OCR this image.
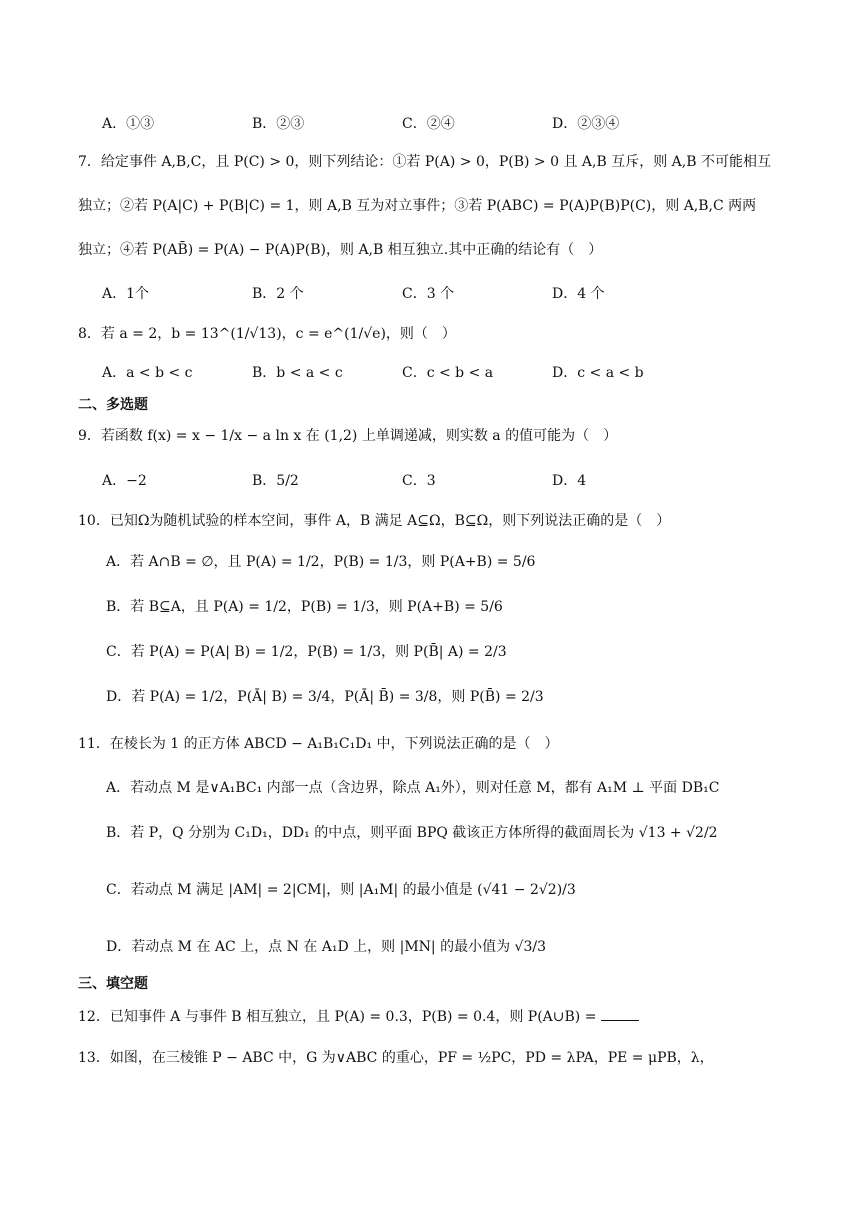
A．①③	B．②③	C．②④	D．②③④
7．给定事件 A,B,C，且 P(C) > 0，则下列结论：①若 P(A) > 0，P(B) > 0 且 A,B 互斥，则 A,B 不可能相互
独立；②若 P(A|C) + P(B|C) = 1，则 A,B 互为对立事件；③若 P(ABC) = P(A)P(B)P(C)，则 A,B,C 两两
独立；④若 P(AB̄) = P(A) − P(A)P(B)，则 A,B 相互独立.其中正确的结论有（　）
A．1个	B．2 个	C．3 个	D．4 个
8．若 a = 2，b = 13^(1/√13)，c = e^(1/√e)，则（　）
A．a < b < c	B．b < a < c	C．c < b < a	D．c < a < b
二、多选题
9．若函数 f(x) = x − 1/x − a ln x 在 (1,2) 上单调递减，则实数 a 的值可能为（　）
A．−2	B．5/2	C．3	D．4
10．已知Ω为随机试验的样本空间，事件 A，B 满足 A⊆Ω，B⊆Ω，则下列说法正确的是（　）
A．若 A∩B = ∅，且 P(A) = 1/2，P(B) = 1/3，则 P(A+B) = 5/6
B．若 B⊆A，且 P(A) = 1/2，P(B) = 1/3，则 P(A+B) = 5/6
C．若 P(A) = P(A| B) = 1/2，P(B) = 1/3，则 P(B̄| A) = 2/3
D．若 P(A) = 1/2，P(Ā| B) = 3/4，P(Ā| B̄) = 3/8，则 P(B̄) = 2/3
11．在棱长为 1 的正方体 ABCD − A₁B₁C₁D₁ 中，下列说法正确的是（　）
A．若动点 M 是∨A₁BC₁ 内部一点（含边界，除点 A₁外），则对任意 M，都有 A₁M ⊥ 平面 DB₁C
B．若 P，Q 分别为 C₁D₁，DD₁ 的中点，则平面 BPQ 截该正方体所得的截面周长为 √13 + √2/2
C．若动点 M 满足 |AM| = 2|CM|，则 |A₁M| 的最小值是 (√41 − 2√2)/3
D．若动点 M 在 AC 上，点 N 在 A₁D 上，则 |MN| 的最小值为 √3/3
三、填空题
12．已知事件 A 与事件 B 相互独立，且 P(A) = 0.3，P(B) = 0.4，则 P(A∪B) =
13．如图，在三棱锥 P − ABC 中，G 为∨ABC 的重心，PF = ½PC，PD = λPA，PE = μPB，λ，
